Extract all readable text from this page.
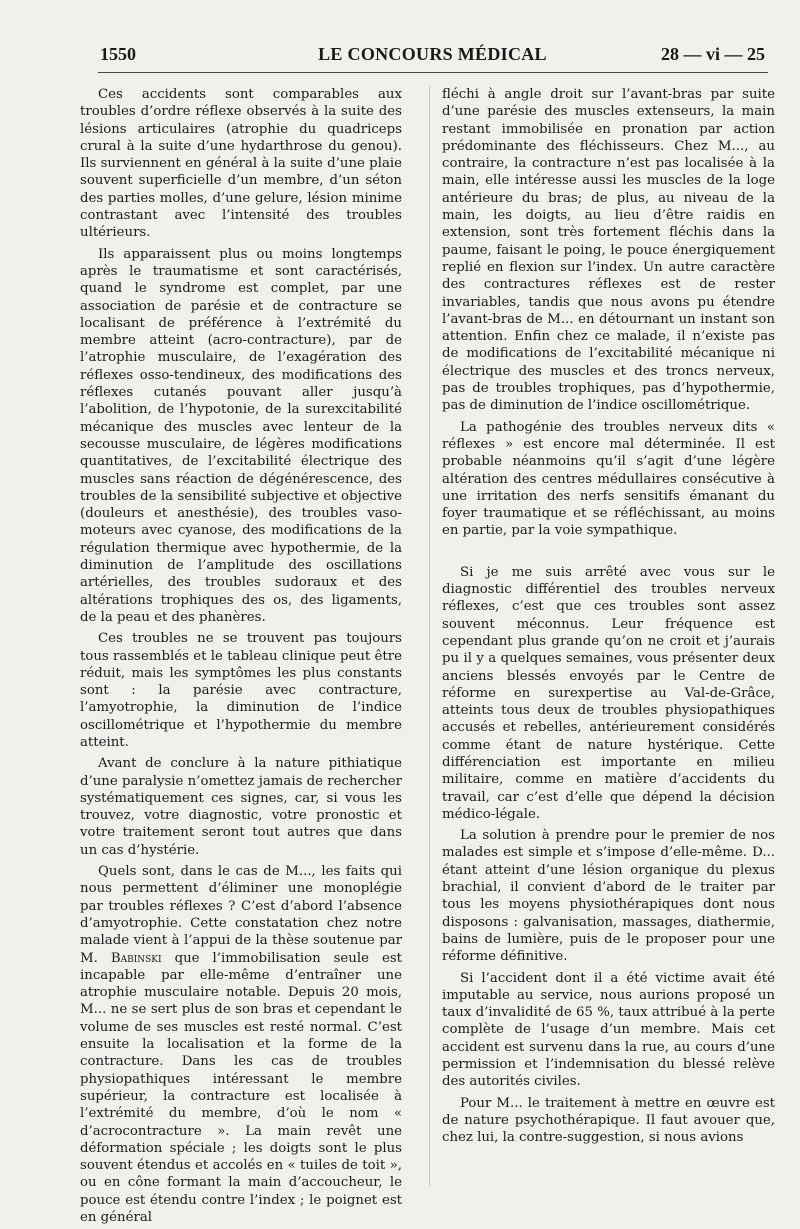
1550	LE CONCOURS MÉDICAL	28 — vi — 25

Ces accidents sont comparables aux troubles d’ordre réflexe observés à la suite des lésions articulaires (atrophie du quadriceps crural à la suite d’une hydarthrose du genou). Ils surviennent en général à la suite d’une plaie souvent superficielle d’un membre, d’un séton des parties molles, d’une gelure, lésion minime contrastant avec l’intensité des troubles ultérieurs.

Ils apparaissent plus ou moins longtemps après le traumatisme et sont caractérisés, quand le syndrome est complet, par une association de parésie et de contracture se localisant de préférence à l’extrémité du membre atteint (acro-contracture), par de l’atrophie musculaire, de l’exagération des réflexes osso-tendineux, des modifications des réflexes cutanés pouvant aller jusqu’à l’abolition, de l’hypotonie, de la surexcitabilité mécanique des muscles avec lenteur de la secousse musculaire, de légères modifications quantitatives, de l’excitabilité électrique des muscles sans réaction de dégénérescence, des troubles de la sensibilité subjective et objective (douleurs et anesthésie), des troubles vaso-moteurs avec cyanose, des modifications de la régulation thermique avec hypothermie, de la diminution de l’amplitude des oscillations artérielles, des troubles sudoraux et des altérations trophiques des os, des ligaments, de la peau et des phanères.

Ces troubles ne se trouvent pas toujours tous rassemblés et le tableau clinique peut être réduit, mais les symptômes les plus constants sont : la parésie avec contracture, l’amyotrophie, la diminution de l’indice oscillométrique et l’hypothermie du membre atteint.

Avant de conclure à la nature pithiatique d’une paralysie n’omettez jamais de rechercher systématiquement ces signes, car, si vous les trouvez, votre diagnostic, votre pronostic et votre traitement seront tout autres que dans un cas d’hystérie.

Quels sont, dans le cas de M..., les faits qui nous permettent d’éliminer une monoplégie par troubles réflexes ? C’est d’abord l’absence d’amyotrophie. Cette constatation chez notre malade vient à l’appui de la thèse soutenue par M. Babinski que l’immobilisation seule est incapable par elle-même d’entraîner une atrophie musculaire notable. Depuis 20 mois, M... ne se sert plus de son bras et cependant le volume de ses muscles est resté normal. C’est ensuite la localisation et la forme de la contracture. Dans les cas de troubles physiopathiques intéressant le membre supérieur, la contracture est localisée à l’extrémité du membre, d’où le nom « d’acrocontracture ». La main revêt une déformation spéciale ; les doigts sont le plus souvent étendus et accolés en « tuiles de toit », ou en cône formant la main d’accoucheur, le pouce est étendu contre l’index ; le poignet est en général

fléchi à angle droit sur l’avant-bras par suite d’une parésie des muscles extenseurs, la main restant immobilisée en pronation par action prédominante des fléchisseurs. Chez M..., au contraire, la contracture n’est pas localisée à la main, elle intéresse aussi les muscles de la loge antérieure du bras; de plus, au niveau de la main, les doigts, au lieu d’être raidis en extension, sont très fortement fléchis dans la paume, faisant le poing, le pouce énergiquement replié en flexion sur l’index. Un autre caractère des contractures réflexes est de rester invariables, tandis que nous avons pu étendre l’avant-bras de M... en détournant un instant son attention. Enfin chez ce malade, il n’existe pas de modifications de l’excitabilité mécanique ni électrique des muscles et des troncs nerveux, pas de troubles trophiques, pas d’hypothermie, pas de diminution de l’indice oscillométrique.

La pathogénie des troubles nerveux dits « réflexes » est encore mal déterminée. Il est probable néanmoins qu’il s’agit d’une légère altération des centres médullaires consécutive à une irritation des nerfs sensitifs émanant du foyer traumatique et se réfléchissant, au moins en partie, par la voie sympathique.

Si je me suis arrêté avec vous sur le diagnostic différentiel des troubles nerveux réflexes, c’est que ces troubles sont assez souvent méconnus. Leur fréquence est cependant plus grande qu’on ne croit et j’aurais pu il y a quelques semaines, vous présenter deux anciens blessés envoyés par le Centre de réforme en surexpertise au Val-de-Grâce, atteints tous deux de troubles physiopathiques accusés et rebelles, antérieurement considérés comme étant de nature hystérique. Cette différenciation est importante en milieu militaire, comme en matière d’accidents du travail, car c’est d’elle que dépend la décision médico-légale.

La solution à prendre pour le premier de nos malades est simple et s’impose d’elle-même. D... étant atteint d’une lésion organique du plexus brachial, il convient d’abord de le traiter par tous les moyens physiothérapiques dont nous disposons : galvanisation, massages, diathermie, bains de lumière, puis de le proposer pour une réforme définitive.

Si l’accident dont il a été victime avait été imputable au service, nous aurions proposé un taux d’invalidité de 65 %, taux attribué à la perte complète de l’usage d’un membre. Mais cet accident est survenu dans la rue, au cours d’une permission et l’indemnisation du blessé relève des autorités civiles.

Pour M... le traitement à mettre en œuvre est de nature psychothérapique. Il faut avouer que, chez lui, la contre-suggestion, si nous avions
